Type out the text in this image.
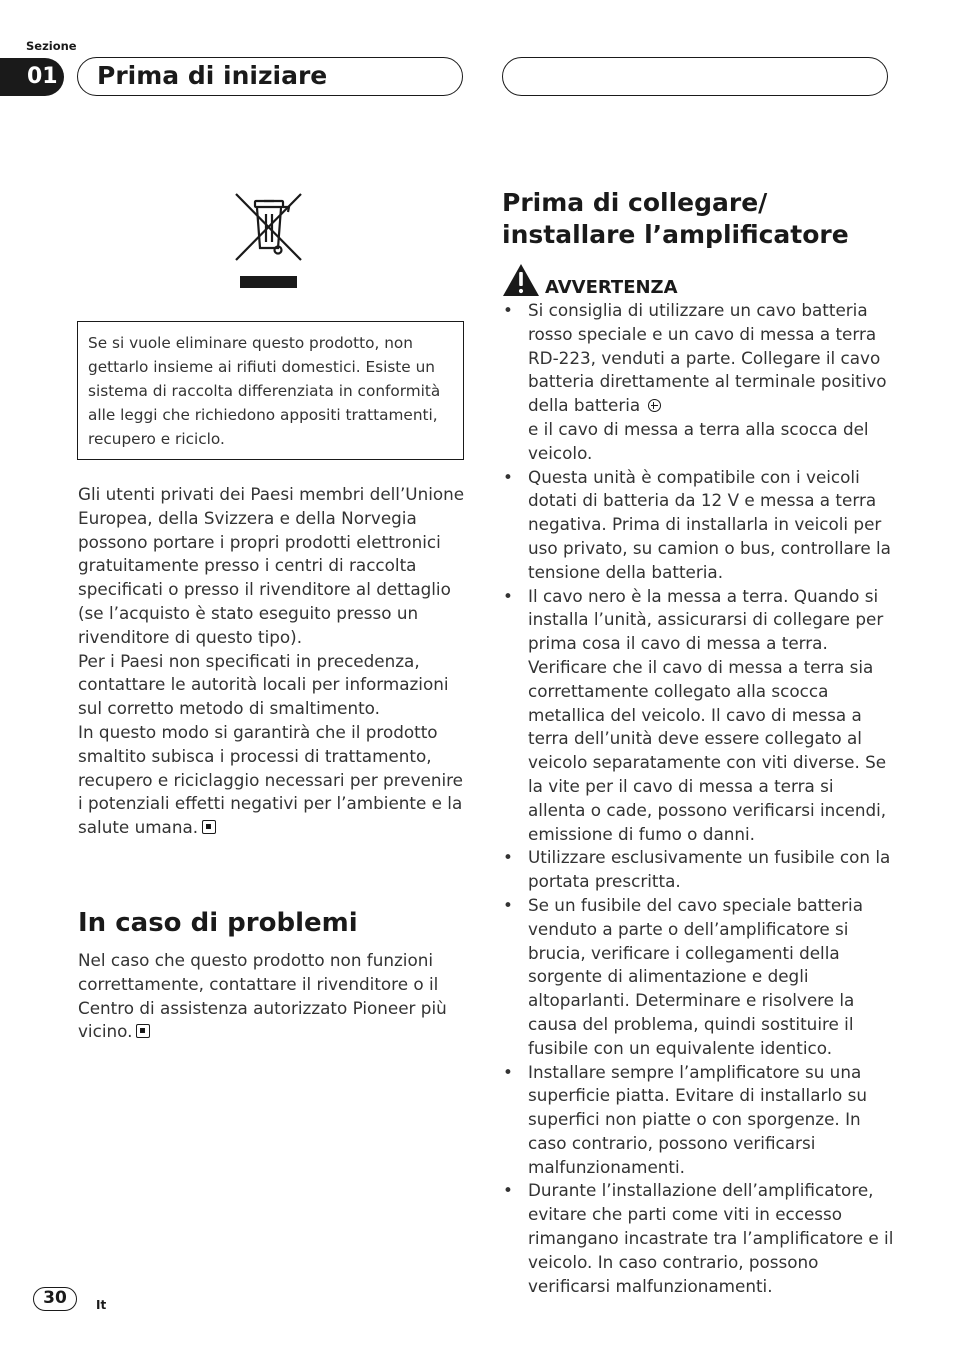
Sezione
01 Prima di iniziare
Se si vuole eliminare questo prodotto, non gettarlo insieme ai rifiuti domestici. Esiste un sistema di raccolta differenziata in conformità alle leggi che richiedono appositi trattamenti, recupero e riciclo.

Gli utenti privati dei Paesi membri dell’Unione Europea, della Svizzera e della Norvegia possono portare i propri prodotti elettronici gratuitamente presso i centri di raccolta specificati o presso il rivenditore al dettaglio (se l’acquisto è stato eseguito presso un rivenditore di questo tipo).

Per i Paesi non specificati in precedenza, contattare le autorità locali per informazioni sul corretto metodo di smaltimento.

In questo modo si garantirà che il prodotto smaltito subisca i processi di trattamento, recupero e riciclaggio necessari per prevenire i potenziali effetti negativi per l’ambiente e la salute umana.

In caso di problemi
Nel caso che questo prodotto non funzioni correttamente, contattare il rivenditore o il Centro di assistenza autorizzato Pioneer più vicino.
Prima di collegare/
installare l’amplificatore
AVVERTENZA
• Si consiglia di utilizzare un cavo batteria rosso speciale e un cavo di messa a terra RD-223, venduti a parte. Collegare il cavo batteria direttamente al terminale positivo della batteria
e il cavo di messa a terra alla scocca del veicolo.
• Questa unità è compatibile con i veicoli dotati di batteria da 12 V e messa a terra negativa. Prima di installarla in veicoli per uso privato, su camion o bus, controllare la tensione della batteria.
• Il cavo nero è la messa a terra. Quando si installa l’unità, assicurarsi di collegare per prima cosa il cavo di messa a terra. Verificare che il cavo di messa a terra sia correttamente collegato alla scocca metallica del veicolo. Il cavo di messa a terra dell’unità deve essere collegato al veicolo separatamente con viti diverse. Se la vite per il cavo di messa a terra si allenta o cade, possono verificarsi incendi, emissione di fumo o danni.
• Utilizzare esclusivamente un fusibile con la portata prescritta.
• Se un fusibile del cavo speciale batteria venduto a parte o dell’amplificatore si brucia, verificare i collegamenti della sorgente di alimentazione e degli altoparlanti. Determinare e risolvere la causa del problema, quindi sostituire il fusibile con un equivalente identico.
• Installare sempre l’amplificatore su una superficie piatta. Evitare di installarlo su superfici non piatte o con sporgenze. In caso contrario, possono verificarsi malfunzionamenti.
• Durante l’installazione dell’amplificatore, evitare che parti come viti in eccesso rimangano incastrate tra l’amplificatore e il veicolo. In caso contrario, possono verificarsi malfunzionamenti.
30	It
